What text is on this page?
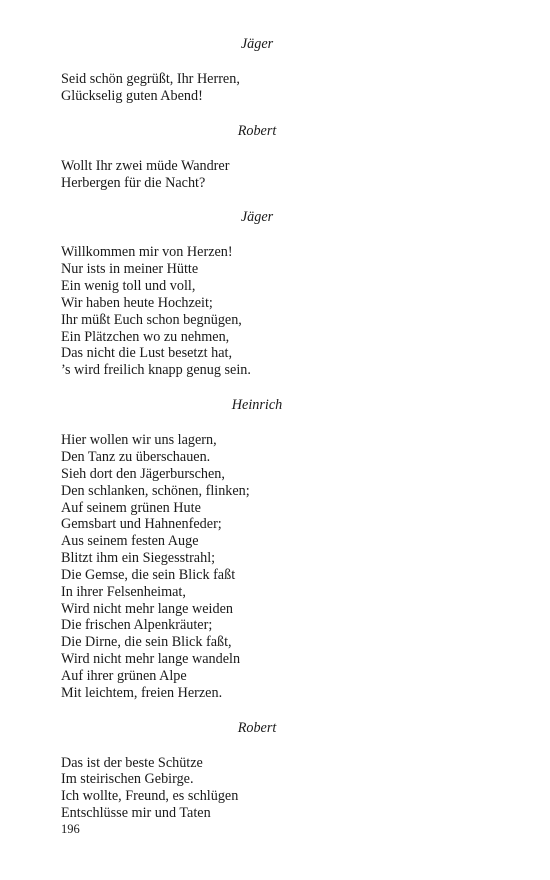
Jäger
Seid schön gegrüßt, Ihr Herren,
Glückselig guten Abend!
Robert
Wollt Ihr zwei müde Wandrer
Herbergen für die Nacht?
Jäger
Willkommen mir von Herzen!
Nur ists in meiner Hütte
Ein wenig toll und voll,
Wir haben heute Hochzeit;
Ihr müßt Euch schon begnügen,
Ein Plätzchen wo zu nehmen,
Das nicht die Lust besetzt hat,
’s wird freilich knapp genug sein.
Heinrich
Hier wollen wir uns lagern,
Den Tanz zu überschauen.
Sieh dort den Jägerburschen,
Den schlanken, schönen, flinken;
Auf seinem grünen Hute
Gemsbart und Hahnenfeder;
Aus seinem festen Auge
Blitzt ihm ein Siegesstrahl;
Die Gemse, die sein Blick faßt
In ihrer Felsenheimat,
Wird nicht mehr lange weiden
Die frischen Alpenkräuter;
Die Dirne, die sein Blick faßt,
Wird nicht mehr lange wandeln
Auf ihrer grünen Alpe
Mit leichtem, freien Herzen.
Robert
Das ist der beste Schütze
Im steirischen Gebirge.
Ich wollte, Freund, es schlügen
Entschlüsse mir und Taten
196
